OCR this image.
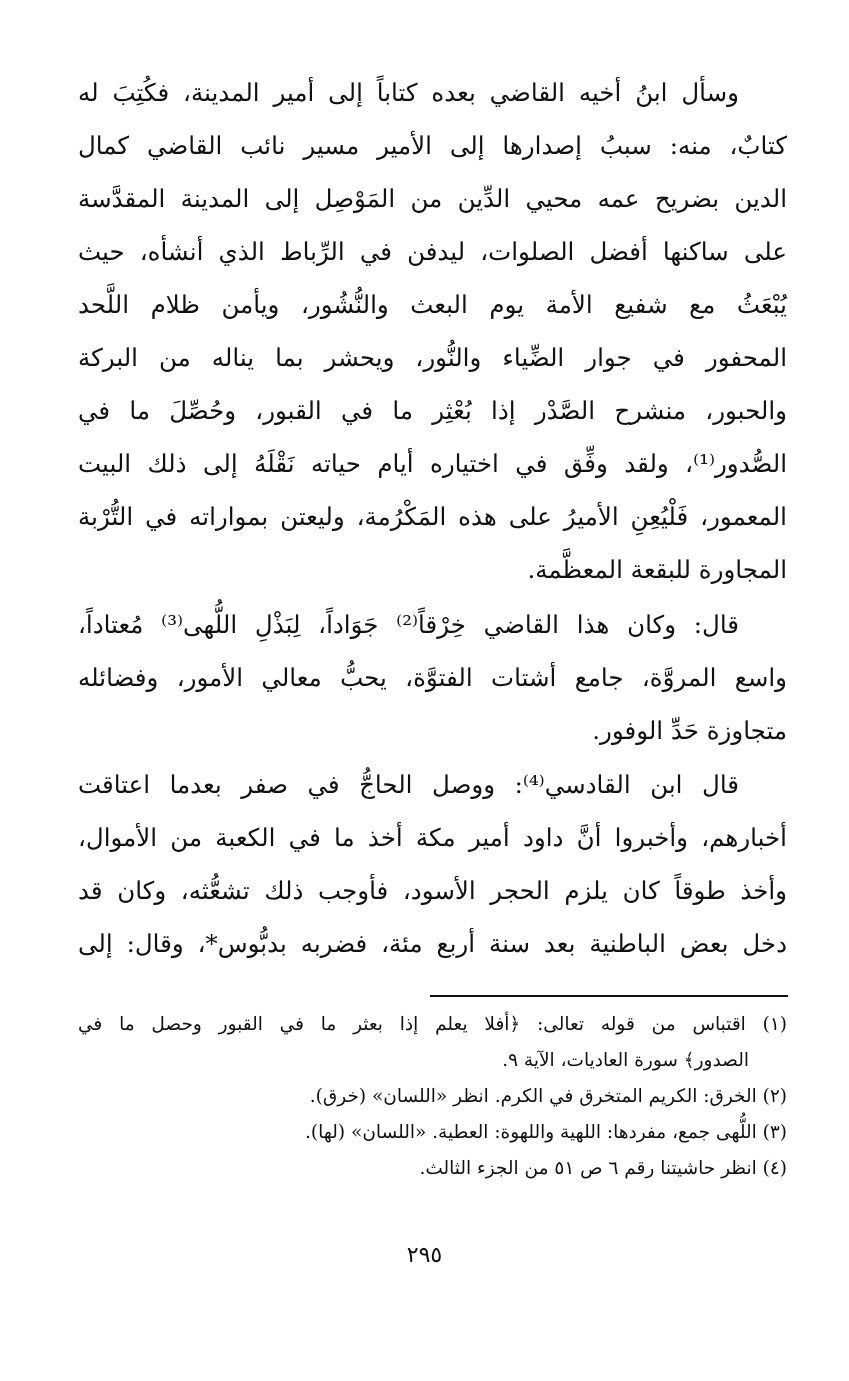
وسأل ابنُ أخيه القاضي بعده كتاباً إلى أمير المدينة، فكُتِبَ له
كتابٌ، منه: سببُ إصدارها إلى الأمير مسير نائب القاضي كمال
الدين بضريح عمه محيي الدِّين من المَوْصِل إلى المدينة المقدَّسة
على ساكنها أفضل الصلوات، ليدفن في الرِّباط الذي أنشأه، حيث
يُبْعَثُ مع شفيع الأمة يوم البعث والنُّشُور، ويأمن ظلام اللَّحد
المحفور في جوار الضِّياء والنُّور، ويحشر بما يناله من البركة
والحبور، منشرح الصَّدْر إذا بُعْثِر ما في القبور، وحُصِّلَ ما في
الصُّدور⁽¹⁾، ولقد وفِّق في اختياره أيام حياته نَقْلَهُ إلى ذلك البيت
المعمور، فَلْيُعِنِ الأميرُ على هذه المَكْرُمة، وليعتن بمواراته في التُّرْبة
المجاورة للبقعة المعظَّمة.
قال: وكان هذا القاضي خِرْقاً⁽²⁾ جَوَاداً، لِبَذْلِ اللُّهى⁽³⁾ مُعتاداً،
واسع المروَّة، جامع أشتات الفتوَّة، يحبُّ معالي الأمور، وفضائله
متجاوزة حَدِّ الوفور.
قال ابن القادسي⁽⁴⁾: ووصل الحاجُّ في صفر بعدما اعتاقت
أخبارهم، وأخبروا أنَّ داود أمير مكة أخذ ما في الكعبة من الأموال،
وأخذ طوقاً كان يلزم الحجر الأسود، فأوجب ذلك تشعُّثه، وكان قد
دخل بعض الباطنية بعد سنة أربع مئة، فضربه بدبُّوس*، وقال: إلى
(١) اقتباس من قوله تعالى: ﴿أفلا يعلم إذا بعثر ما في القبور وحصل ما في
الصدور﴾ سورة العاديات، الآية ٩.
(٢) الخرق: الكريم المتخرق في الكرم. انظر «اللسان» (خرق).
(٣) اللُّهى جمع، مفردها: اللهية واللهوة: العطية. «اللسان» (لها).
(٤) انظر حاشيتنا رقم ٦ ص ٥١ من الجزء الثالث.
٢٩٥
